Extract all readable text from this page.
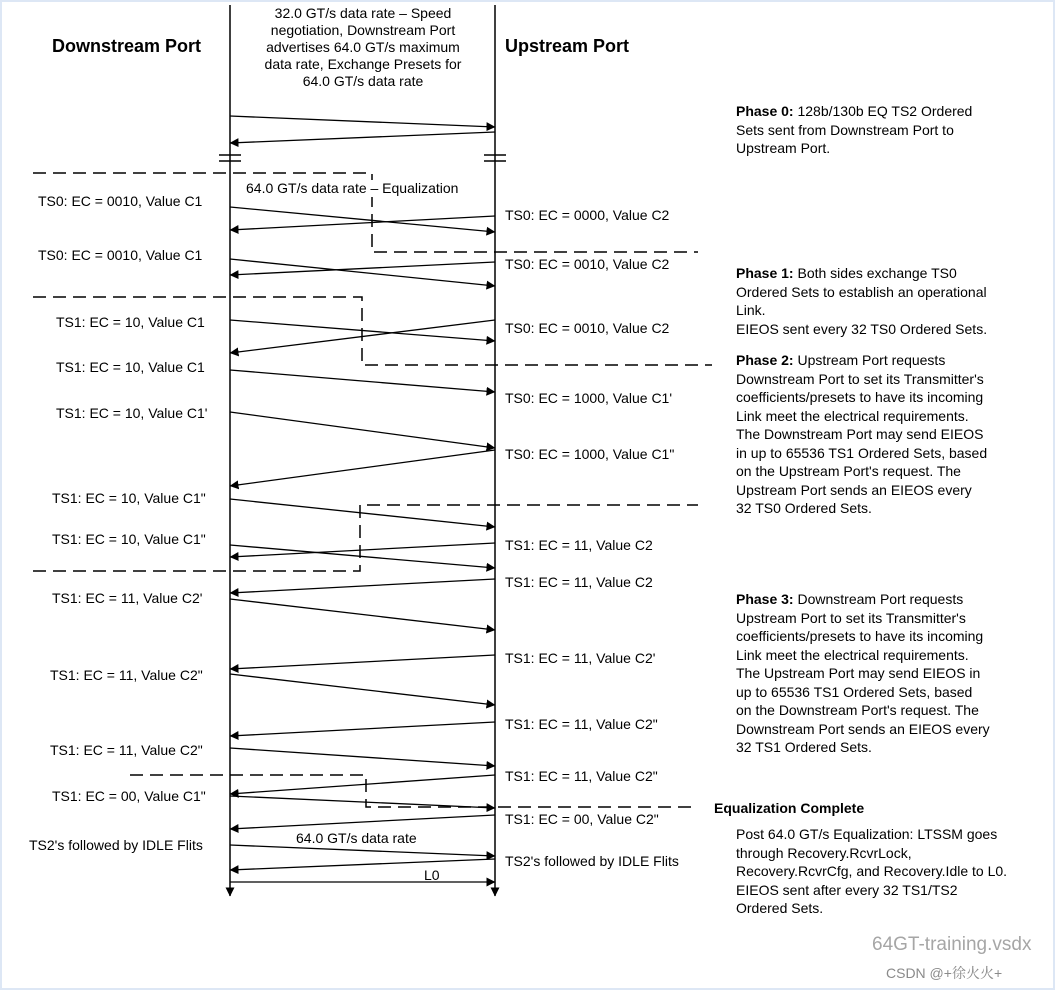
Downstream Port	Upstream Port
32.0 GT/s data rate – Speed
negotiation, Downstream Port
advertises 64.0 GT/s maximum
data rate, Exchange Presets for
64.0 GT/s data rate
64.0 GT/s data rate – Equalization
TS0: EC = 0010, Value C1
TS0: EC = 0010, Value C1
TS1: EC = 10, Value C1
TS1: EC = 10, Value C1
TS1: EC = 10, Value C1'
TS1: EC = 10, Value C1"
TS1: EC = 10, Value C1"
TS1: EC = 11, Value C2'
TS1: EC = 11, Value C2"
TS1: EC = 11, Value C2"
TS1: EC = 00, Value C1"
TS2's followed by IDLE Flits
TS0: EC = 0000, Value C2
TS0: EC = 0010, Value C2
TS0: EC = 0010, Value C2
TS0: EC = 1000, Value C1'
TS0: EC = 1000, Value C1"
TS1: EC = 11, Value C2
TS1: EC = 11, Value C2
TS1: EC = 11, Value C2'
TS1: EC = 11, Value C2"
TS1: EC = 11, Value C2"
TS1: EC = 00, Value C2"
TS2's followed by IDLE Flits
64.0 GT/s data rate
L0
Phase 0: 128b/130b EQ TS2 Ordered
Sets sent from Downstream Port to
Upstream Port.
Phase 1: Both sides exchange TS0
Ordered Sets to establish an operational
Link.
EIEOS sent every 32 TS0 Ordered Sets.
Phase 2: Upstream Port requests
Downstream Port to set its Transmitter's
coefficients/presets to have its incoming
Link meet the electrical requirements.
The Downstream Port may send EIEOS
in up to 65536 TS1 Ordered Sets, based
on the Upstream Port's request. The
Upstream Port sends an EIEOS every
32 TS0 Ordered Sets.
Phase 3: Downstream Port requests
Upstream Port to set its Transmitter's
coefficients/presets to have its incoming
Link meet the electrical requirements.
The Upstream Port may send EIEOS in
up to 65536 TS1 Ordered Sets, based
on the Downstream Port's request. The
Downstream Port sends an EIEOS every
32 TS1 Ordered Sets.
Equalization Complete
Post 64.0 GT/s Equalization: LTSSM goes
through Recovery.RcvrLock,
Recovery.RcvrCfg, and Recovery.Idle to L0.
EIEOS sent after every 32 TS1/TS2
Ordered Sets.
64GT-training.vsdx
CSDN @+徐火火+
